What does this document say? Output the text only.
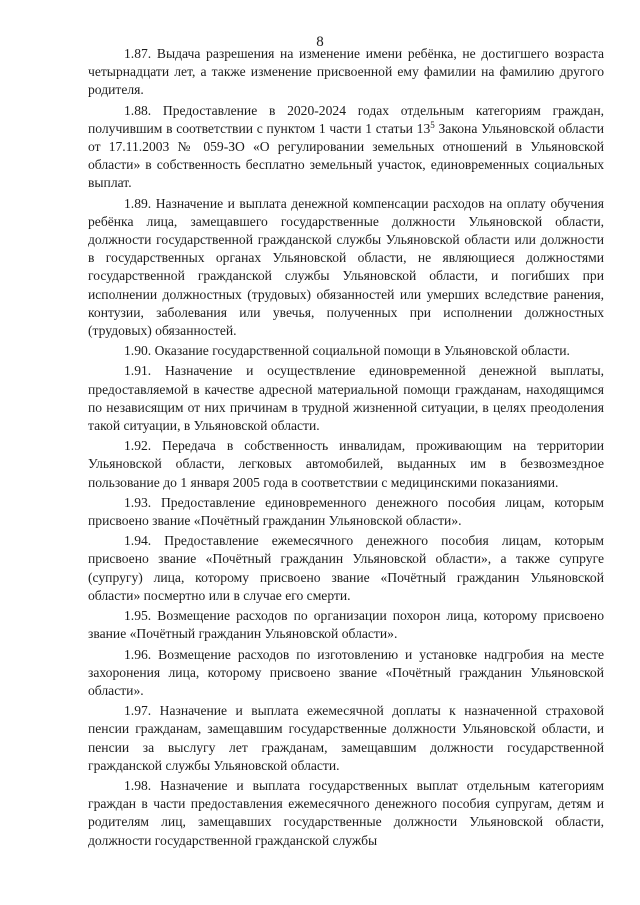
8

1.87. Выдача разрешения на изменение имени ребёнка, не достигшего возраста четырнадцати лет, а также изменение присвоенной ему фамилии на фамилию другого родителя.

1.88. Предоставление в 2020-2024 годах отдельным категориям граждан, получившим в соответствии с пунктом 1 части 1 статьи $13^5$ Закона Ульяновской области от 17.11.2003 № 059-ЗО «О регулировании земельных отношений в Ульяновской области» в собственность бесплатно земельный участок, единовременных социальных выплат.

1.89. Назначение и выплата денежной компенсации расходов на оплату обучения ребёнка лица, замещавшего государственные должности Ульяновской области, должности государственной гражданской службы Ульяновской области или должности в государственных органах Ульяновской области, не являющиеся должностями государственной гражданской службы Ульяновской области, и погибших при исполнении должностных (трудовых) обязанностей или умерших вследствие ранения, контузии, заболевания или увечья, полученных при исполнении должностных (трудовых) обязанностей.

1.90. Оказание государственной социальной помощи в Ульяновской области.

1.91. Назначение и осуществление единовременной денежной выплаты, предоставляемой в качестве адресной материальной помощи гражданам, находящимся по независящим от них причинам в трудной жизненной ситуации, в целях преодоления такой ситуации, в Ульяновской области.

1.92. Передача в собственность инвалидам, проживающим на территории Ульяновской области, легковых автомобилей, выданных им в безвозмездное пользование до 1 января 2005 года в соответствии с медицинскими показаниями.

1.93. Предоставление единовременного денежного пособия лицам, которым присвоено звание «Почётный гражданин Ульяновской области».

1.94. Предоставление ежемесячного денежного пособия лицам, которым присвоено звание «Почётный гражданин Ульяновской области», а также супруге (супругу) лица, которому присвоено звание «Почётный гражданин Ульяновской области» посмертно или в случае его смерти.

1.95. Возмещение расходов по организации похорон лица, которому присвоено звание «Почётный гражданин Ульяновской области».

1.96. Возмещение расходов по изготовлению и установке надгробия на месте захоронения лица, которому присвоено звание «Почётный гражданин Ульяновской области».

1.97. Назначение и выплата ежемесячной доплаты к назначенной страховой пенсии гражданам, замещавшим государственные должности Ульяновской области, и пенсии за выслугу лет гражданам, замещавшим должности государственной гражданской службы Ульяновской области.

1.98. Назначение и выплата государственных выплат отдельным категориям граждан в части предоставления ежемесячного денежного пособия супругам, детям и родителям лиц, замещавших государственные должности Ульяновской области, должности государственной гражданской службы
